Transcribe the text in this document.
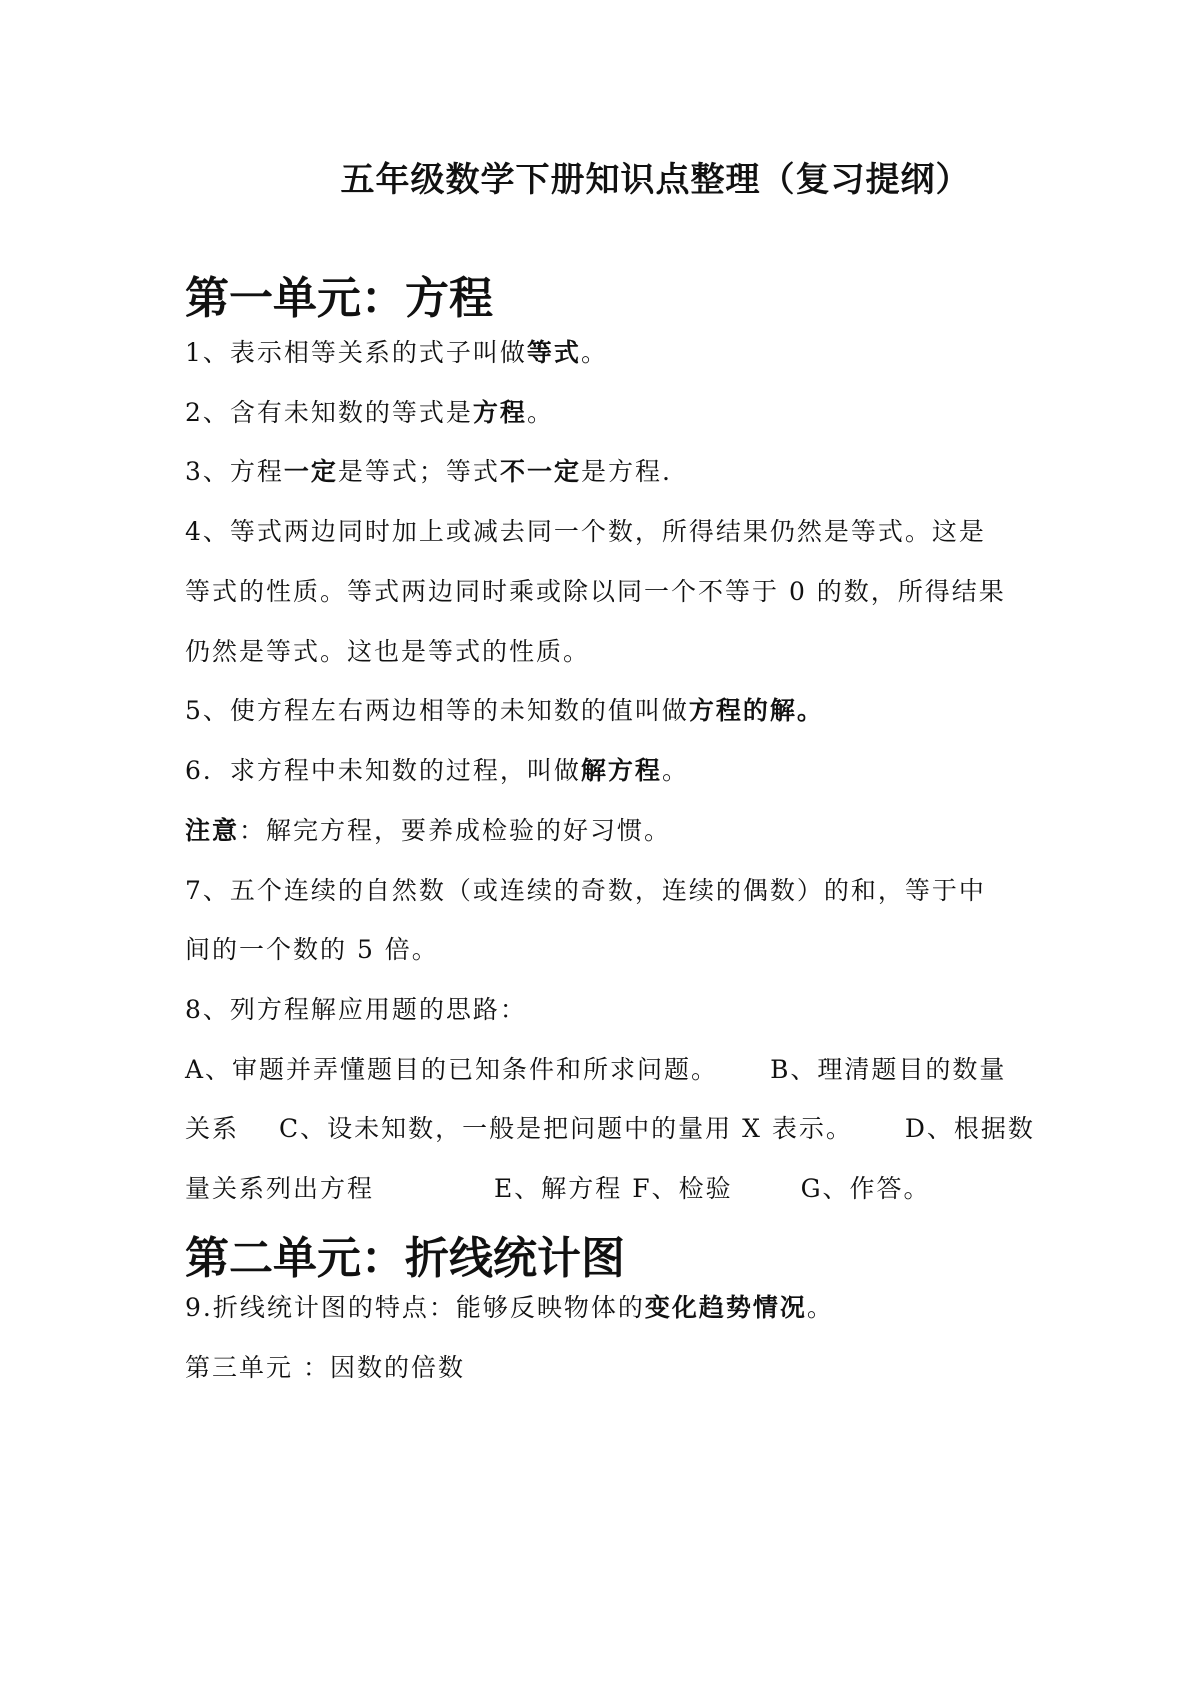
五年级数学下册知识点整理（复习提纲）
第一单元：方程
1、表示相等关系的式子叫做等式。
2、含有未知数的等式是方程。
3、方程一定是等式；等式不一定是方程.
4、等式两边同时加上或减去同一个数，所得结果仍然是等式。这是
等式的性质。等式两边同时乘或除以同一个不等于 0 的数，所得结果
仍然是等式。这也是等式的性质。
5、使方程左右两边相等的未知数的值叫做方程的解。
6．求方程中未知数的过程，叫做解方程。
注意：解完方程，要养成检验的好习惯。
7、五个连续的自然数（或连续的奇数，连续的偶数）的和，等于中
间的一个数的 5 倍。
8、列方程解应用题的思路：
A、审题并弄懂题目的已知条件和所求问题。 B、理清题目的数量
关系 C、设未知数，一般是把问题中的量用 X 表示。 D、根据数
量关系列出方程	E、解方程 F、检验	G、作答。
第二单元：折线统计图
9.折线统计图的特点：能够反映物体的变化趋势情况。
第三单元 ：因数的倍数
